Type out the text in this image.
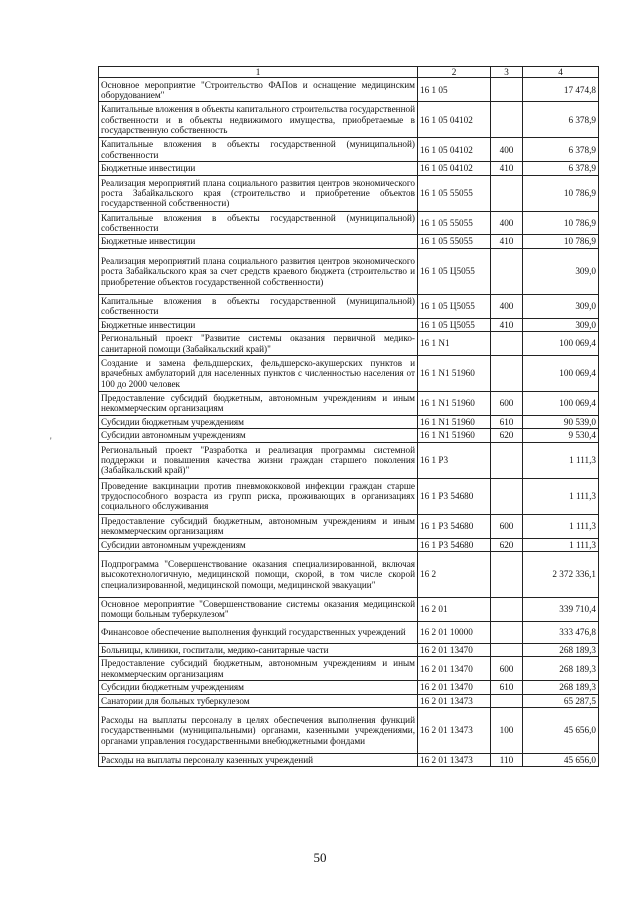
1	2	3	4
Основное мероприятие "Строительство ФАПов и оснащение медицинским оборудованием"	16 1 05		17 474,8
Капитальные вложения в объекты капитального строительства государственной собственности и в объекты недвижимого имущества, приобретаемые в государственную собственность	16 1 05 04102		6 378,9
Капитальные вложения в объекты государственной (муниципальной) собственности	16 1 05 04102	400	6 378,9
Бюджетные инвестиции	16 1 05 04102	410	6 378,9
Реализация мероприятий плана социального развития центров экономического роста Забайкальского края (строительство и приобретение объектов государственной собственности)	16 1 05 55055		10 786,9
Капитальные вложения в объекты государственной (муниципальной) собственности	16 1 05 55055	400	10 786,9
Бюджетные инвестиции	16 1 05 55055	410	10 786,9
Реализация мероприятий плана социального развития центров экономического роста Забайкальского края за счет средств краевого бюджета (строительство и приобретение объектов государственной собственности)	16 1 05 Ц5055		309,0
Капитальные вложения в объекты государственной (муниципальной) собственности	16 1 05 Ц5055	400	309,0
Бюджетные инвестиции	16 1 05 Ц5055	410	309,0
Региональный проект "Развитие системы оказания первичной медико-санитарной помощи (Забайкальский край)"	16 1 N1		100 069,4
Создание и замена фельдшерских, фельдшерско-акушерских пунктов и врачебных амбулаторий для населенных пунктов с численностью населения от 100 до 2000 человек	16 1 N1 51960		100 069,4
Предоставление субсидий бюджетным, автономным учреждениям и иным некоммерческим организациям	16 1 N1 51960	600	100 069,4
Субсидии бюджетным учреждениям	16 1 N1 51960	610	90 539,0
Субсидии автономным учреждениям	16 1 N1 51960	620	9 530,4
Региональный проект "Разработка и реализация программы системной поддержки и повышения качества жизни граждан старшего поколения (Забайкальский край)"	16 1 P3		1 111,3
Проведение вакцинации против пневмококковой инфекции граждан старше трудоспособного возраста из групп риска, проживающих в организациях социального обслуживания	16 1 P3 54680		1 111,3
Предоставление субсидий бюджетным, автономным учреждениям и иным некоммерческим организациям	16 1 P3 54680	600	1 111,3
Субсидии автономным учреждениям	16 1 P3 54680	620	1 111,3
Подпрограмма "Совершенствование оказания специализированной, включая высокотехнологичную, медицинской помощи, скорой, в том числе скорой специализированной, медицинской помощи, медицинской эвакуации"	16 2		2 372 336,1
Основное мероприятие "Совершенствование системы оказания медицинской помощи больным туберкулезом"	16 2 01		339 710,4
Финансовое обеспечение выполнения функций государственных учреждений	16 2 01 10000		333 476,8
Больницы, клиники, госпитали, медико-санитарные части	16 2 01 13470		268 189,3
Предоставление субсидий бюджетным, автономным учреждениям и иным некоммерческим организациям	16 2 01 13470	600	268 189,3
Субсидии бюджетным учреждениям	16 2 01 13470	610	268 189,3
Санатории для больных туберкулезом	16 2 01 13473		65 287,5
Расходы на выплаты персоналу в целях обеспечения выполнения функций государственными (муниципальными) органами, казенными учреждениями, органами управления государственными внебюджетными фондами	16 2 01 13473	100	45 656,0
Расходы на выплаты персоналу казенных учреждений	16 2 01 13473	110	45 656,0
'
50
